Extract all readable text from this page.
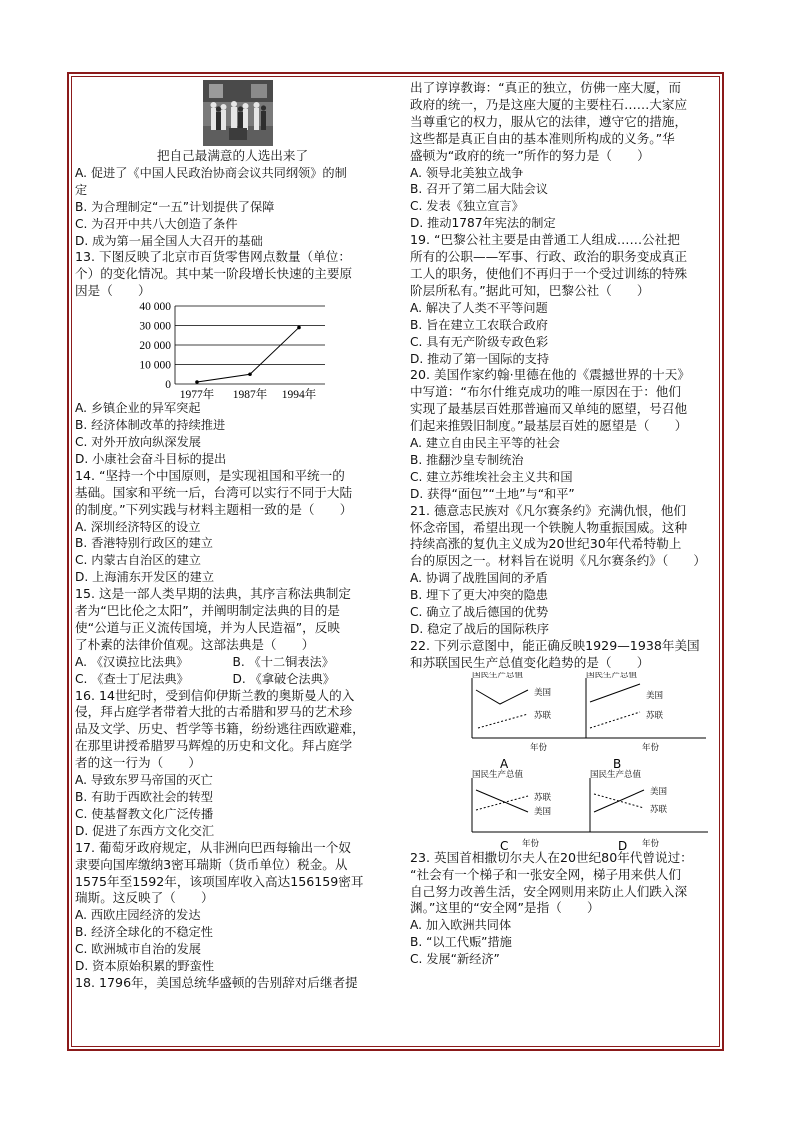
把自己最满意的人选出来了
A. 促进了《中国人民政治协商会议共同纲领》的制
定
B. 为合理制定“一五”计划提供了保障
C. 为召开中共八大创造了条件
D. 成为第一届全国人大召开的基础
13. 下图反映了北京市百货零售网点数量（单位：
个）的变化情况。其中某一阶段增长快速的主要原
因是（　　）
40 000
30 000
20 000
10 000
0
1977年 1987年 1994年
A. 乡镇企业的异军突起
B. 经济体制改革的持续推进
C. 对外开放向纵深发展
D. 小康社会奋斗目标的提出
14. “坚持一个中国原则，是实现祖国和平统一的
基础。国家和平统一后，台湾可以实行不同于大陆
的制度。”下列实践与材料主题相一致的是（　　）
A. 深圳经济特区的设立
B. 香港特别行政区的建立
C. 内蒙古自治区的建立
D. 上海浦东开发区的建立
15. 这是一部人类早期的法典，其序言称法典制定
者为“巴比伦之太阳”，并阐明制定法典的目的是
使“公道与正义流传国境，并为人民造福”，反映
了朴素的法律价值观。这部法典是（　　）
A. 《汉谟拉比法典》	B. 《十二铜表法》
C. 《查士丁尼法典》	D. 《拿破仑法典》
16. 14世纪时，受到信仰伊斯兰教的奥斯曼人的入
侵，拜占庭学者带着大批的古希腊和罗马的艺术珍
品及文学、历史、哲学等书籍，纷纷逃往西欧避难，
在那里讲授希腊罗马辉煌的历史和文化。拜占庭学
者的这一行为（　　）
A. 导致东罗马帝国的灭亡
B. 有助于西欧社会的转型
C. 使基督教文化广泛传播
D. 促进了东西方文化交汇
17. 葡萄牙政府规定，从非洲向巴西每输出一个奴
隶要向国库缴纳3密耳瑞斯（货币单位）税金。从
1575年至1592年，该项国库收入高达156159密耳
瑞斯。这反映了（　　）
A. 西欧庄园经济的发达
B. 经济全球化的不稳定性
C. 欧洲城市自治的发展
D. 资本原始积累的野蛮性
18. 1796年，美国总统华盛顿的告别辞对后继者提
出了谆谆教诲：“真正的独立，仿佛一座大厦，而
政府的统一，乃是这座大厦的主要柱石……大家应
当尊重它的权力，服从它的法律，遵守它的措施，
这些都是真正自由的基本准则所构成的义务。”华
盛顿为“政府的统一”所作的努力是（　　）
A. 领导北美独立战争
B. 召开了第二届大陆会议
C. 发表《独立宣言》
D. 推动1787年宪法的制定
19. “巴黎公社主要是由普通工人组成……公社把
所有的公职——军事、行政、政治的职务变成真正
工人的职务，使他们不再归于一个受过训练的特殊
阶层所私有。”据此可知，巴黎公社（　　）
A. 解决了人类不平等问题
B. 旨在建立工农联合政府
C. 具有无产阶级专政色彩
D. 推动了第一国际的支持
20. 美国作家约翰·里德在他的《震撼世界的十天》
中写道：“布尔什维克成功的唯一原因在于：他们
实现了最基层百姓那普遍而又单纯的愿望，号召他
们起来推毁旧制度。”最基层百姓的愿望是（　　）
A. 建立自由民主平等的社会
B. 推翻沙皇专制统治
C. 建立苏维埃社会主义共和国
D. 获得“面包”“土地”与“和平”
21. 德意志民族对《凡尔赛条约》充满仇恨，他们
怀念帝国，希望出现一个铁腕人物重振国威。这种
持续高涨的复仇主义成为20世纪30年代希特勒上
台的原因之一。材料旨在说明《凡尔赛条约》（　　）
A. 协调了战胜国间的矛盾
B. 埋下了更大冲突的隐患
C. 确立了战后德国的优势
D. 稳定了战后的国际秩序
22. 下列示意图中，能正确反映1929—1938年美国
和苏联国民生产总值变化趋势的是（　　）
国民生产总值
美国
苏联
年份
A
国民生产总值
美国
苏联
年份
B
国民生产总值
苏联
美国
年份
C
国民生产总值
美国
苏联
年份
D
23. 英国首相撒切尔夫人在20世纪80年代曾说过：
“社会有一个梯子和一张安全网，梯子用来供人们
自己努力改善生活，安全网则用来防止人们跌入深
渊。”这里的“安全网”是指（　　）
A. 加入欧洲共同体
B. “以工代赈”措施
C. 发展“新经济”
